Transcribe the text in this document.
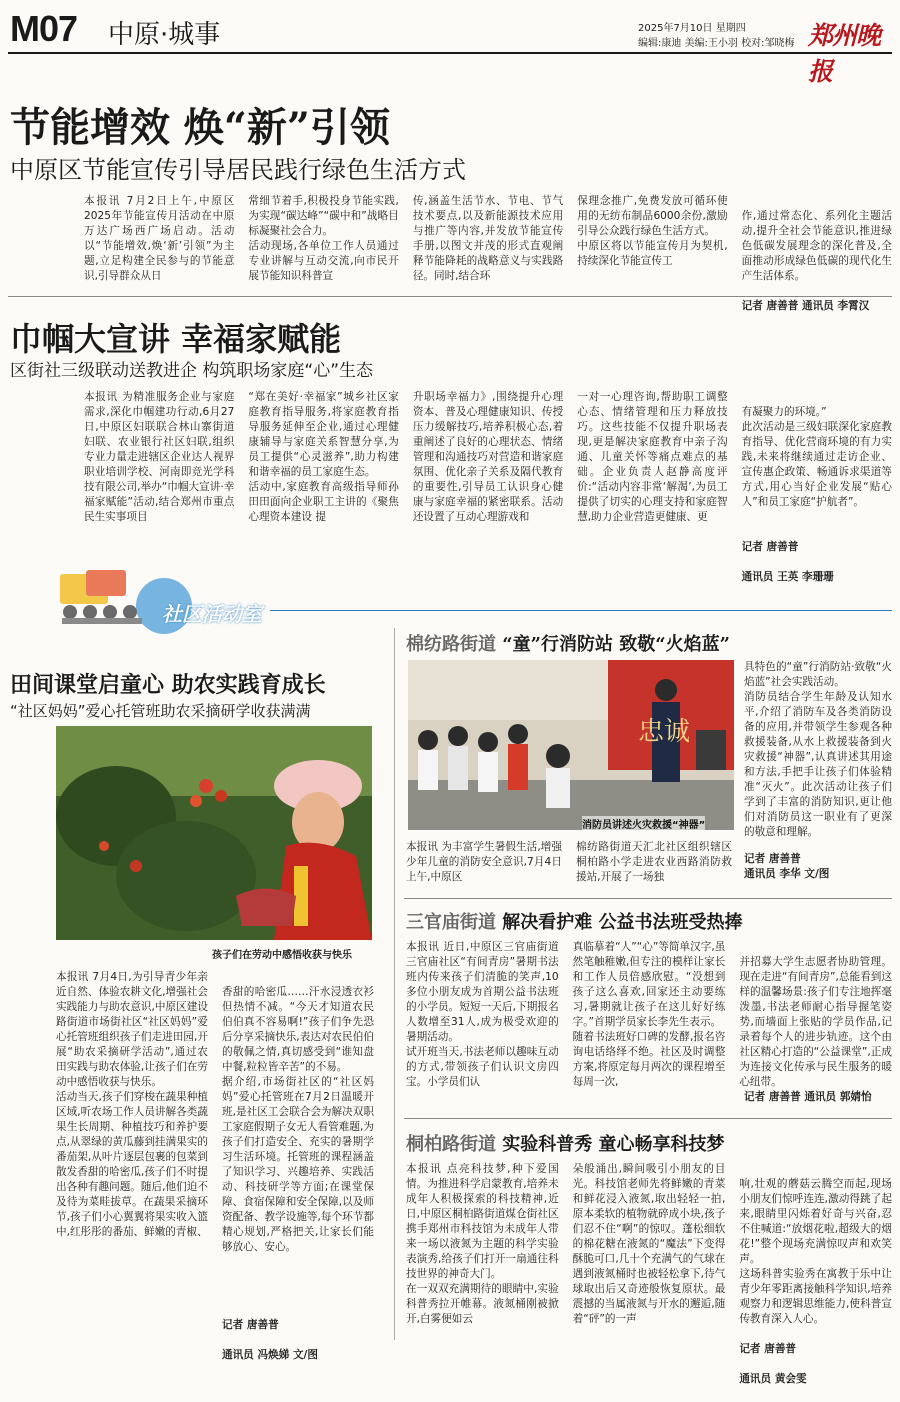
M07 中原·城事	2025年7月10日 星期四
编辑:康迪 美编:王小羽 校对:邹晓梅 郑州晚报
节能增效 焕“新”引领
中原区节能宣传引导居民践行绿色生活方式
本报讯 7月2日上午,中原区2025年节能宣传月活动在中原万达广场西广场启动。活动以“节能增效,焕‘新’引领”为主题,立足构建全民参与的节能意识,引导群众从日
常细节着手,积极投身节能实践,为实现“碳达峰”“碳中和”战略目标凝聚社会合力。
活动现场,各单位工作人员通过专业讲解与互动交流,向市民开展节能知识科普宣
传,涵盖生活节水、节电、节气技术要点,以及新能源技术应用与推广等内容,并发放节能宣传手册,以图文并茂的形式直观阐释节能降耗的战略意义与实践路径。同时,结合环
保理念推广,免费发放可循环使用的无纺布制品6000余份,激励引导公众践行绿色生活方式。
中原区将以节能宣传月为契机,持续深化节能宣传工

作,通过常态化、系列化主题活动,提升全社会节能意识,推进绿色低碳发展理念的深化普及,全面推动形成绿色低碳的现代化生产生活体系。

记者 唐善普 通讯员 李霄汉

巾帼大宣讲 幸福家赋能
区街社三级联动送教进企 构筑职场家庭“心”生态
本报讯 为精准服务企业与家庭需求,深化巾帼建功行动,6月27日,中原区妇联联合林山寨街道妇联、农业银行社区妇联,组织专业力量走进辖区企业达人视界职业培训学校、河南即竞光学科技有限公司,举办“巾帼大宣讲·幸福家赋能”活动,结合郑州市重点民生实事项目
“郑在美好·幸福家”城乡社区家庭教育指导服务,将家庭教育指导服务延伸至企业,通过心理健康辅导与家庭关系智慧分享,为员工提供“心灵滋养”,助力构建和谐幸福的员工家庭生态。
活动中,家庭教育高级指导师孙田田面向企业职工主讲的《聚焦心理资本建设 提
升职场幸福力》,围绕提升心理资本、普及心理健康知识、传授压力缓解技巧,培养积极心态,着重阐述了良好的心理状态、情绪管理和沟通技巧对营造和谐家庭氛围、优化亲子关系及隔代教育的重要性,引导员工认识身心健康与家庭幸福的紧密联系。活动还设置了互动心理游戏和
一对一心理咨询,帮助职工调整心态、情绪管理和压力释放技巧。这些技能不仅提升职场表现,更是解决家庭教育中亲子沟通、儿童关怀等痛点难点的基础。企业负责人赵静高度评价:“活动内容非常‘解渴’,为员工提供了切实的心理支持和家庭智慧,助力企业营造更健康、更

有凝聚力的环境。”
此次活动是三级妇联深化家庭教育指导、优化营商环境的有力实践,未来将继续通过走访企业、宣传惠企政策、畅通诉求渠道等方式,用心当好企业发展“贴心人”和员工家庭“护航者”。

记者 唐善普

通讯员 王英 李珊珊

社区活动室
田间课堂启童心 助农实践育成长
“社区妈妈”爱心托管班助农采摘研学收获满满
孩子们在劳动中感悟收获与快乐
本报讯 7月4日,为引导青少年亲近自然、体验农耕文化,增强社会实践能力与助农意识,中原区建设路街道市场街社区“社区妈妈”爱心托管班组织孩子们走进田园,开展“助农采摘研学活动”,通过农田实践与助农体验,让孩子们在劳动中感悟收获与快乐。
活动当天,孩子们穿梭在蔬果种植区域,听农场工作人员讲解各类蔬果生长周期、种植技巧和养护要点,从翠绿的黄瓜藤到挂满果实的番茄架,从叶片逐层包裹的包菜到散发香甜的哈密瓜,孩子们不时提出各种有趣问题。随后,他们迫不及待为菜畦拔草。在蔬果采摘环节,孩子们小心翼翼将果实收入篮中,红彤彤的番茄、鲜嫩的青椒、

香甜的哈密瓜……汗水浸透衣衫但热情不减。“今天才知道农民伯伯真不容易啊!”孩子们争先恐后分享采摘快乐,表达对农民伯伯的敬佩之情,真切感受到“谁知盘中餐,粒粒皆辛苦”的不易。
据介绍,市场街社区的“社区妈妈”爱心托管班在7月2日温暖开班,是社区工会联合会为解决双职工家庭假期子女无人看管难题,为孩子们打造安全、充实的暑期学习生活环境。托管班的课程涵盖了知识学习、兴趣培养、实践活动、科技研学等方面;在课堂保障、食宿保障和安全保障,以及师资配备、教学设施等,每个环节都精心规划,严格把关,让家长们能够放心、安心。

记者 唐善普

通讯员 冯焕娣 文/图

棉纺路街道 “童”行消防站 致敬“火焰蓝”
忠诚
消防员讲述火灾救援“神器”
本报讯 为丰富学生暑假生活,增强少年儿童的消防安全意识,7月4日上午,中原区
棉纺路街道天汇北社区组织辖区桐柏路小学走进农业西路消防救援站,开展了一场独
具特色的“童”行消防站·致敬“火焰蓝”社会实践活动。
消防员结合学生年龄及认知水平,介绍了消防车及各类消防设备的应用,并带领学生参观各种救援装备,从水上救援装备到火灾救援“神器”,认真讲述其用途和方法,手把手让孩子们体验精准“灭火”。此次活动让孩子们学到了丰富的消防知识,更让他们对消防员这一职业有了更深的敬意和理解。
记者 唐善普
通讯员 李华 文/图
三官庙街道 解决看护难 公益书法班受热捧
本报讯 近日,中原区三官庙街道三官庙社区“有间青房”暑期书法班内传来孩子们清脆的笑声,10多位小朋友成为首期公益书法班的小学员。短短一天后,下期报名人数增至31人,成为极受欢迎的暑期活动。
试开班当天,书法老师以趣味互动的方式,带领孩子们认识文房四宝。小学员们认
真临摹着“人”“心”等简单汉字,虽然笔触稚嫩,但专注的模样让家长和工作人员倍感欣慰。“没想到孩子这么喜欢,回家还主动要练习,暑期就让孩子在这儿好好练字。”首期学员家长李先生表示。
随着书法班好口碑的发酵,报名咨询电话络绎不绝。社区及时调整方案,将原定每月两次的课程增至每周一次,

并招募大学生志愿者协助管理。现在走进“有间青房”,总能看到这样的温馨场景:孩子们专注地挥毫泼墨,书法老师耐心指导握笔姿势,而墙面上张贴的学员作品,记录着每个人的进步轨迹。这个由社区精心打造的“公益课堂”,正成为连接文化传承与民生服务的暖心纽带。

记者 唐善普 通讯员 郭婧怡
桐柏路街道 实验科普秀 童心畅享科技梦
本报讯 点亮科技梦,种下爱国情。为推进科学启蒙教育,培养未成年人积极探索的科技精神,近日,中原区桐柏路街道煤仓街社区携手郑州市科技馆为未成年人带来一场以液氮为主题的科学实验表演秀,给孩子们打开一扇通往科技世界的神奇大门。
在一双双充满期待的眼睛中,实验科普秀拉开帷幕。液氮桶刚被掀开,白雾便如云
朵般涌出,瞬间吸引小朋友的目光。科技馆老师先将鲜嫩的青菜和鲜花浸入液氮,取出轻轻一拍,原本柔软的植物就碎成小块,孩子们忍不住“啊”的惊叹。蓬松细软的棉花糖在液氮的“魔法”下变得酥脆可口,几十个充满气的气球在遇到液氮桶时也被轻松拿下,待气球取出后又奇迹般恢复原状。最震撼的当属液氮与开水的邂逅,随着“砰”的一声

响,壮观的蘑菇云腾空而起,现场小朋友们惊呼连连,激动得跳了起来,眼睛里闪烁着好奇与兴奋,忍不住喊道:“放烟花啦,超级大的烟花!”整个现场充满惊叹声和欢笑声。
这场科普实验秀在寓教于乐中让青少年零距离接触科学知识,培养观察力和逻辑思维能力,使科普宣传教育深入人心。

记者 唐善普

通讯员 黄会雯
